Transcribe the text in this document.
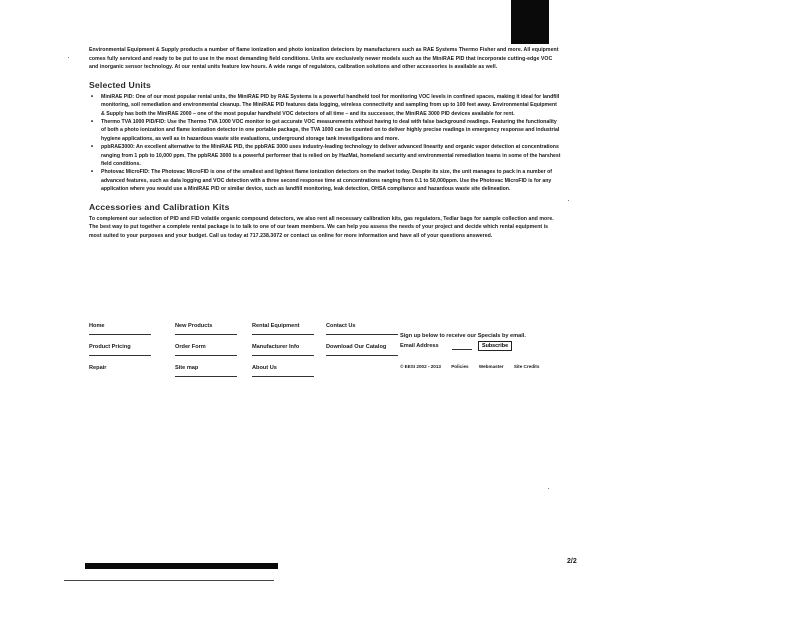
Environmental Equipment & Supply products a number of flame ionization and photo ionization detectors by manufacturers such as RAE Systems Thermo Fisher and more. All equipment comes fully serviced and ready to be put to use in the most demanding field conditions. Units are exclusively newer models such as the MiniRAE PID that incorporate cutting-edge VOC and inorganic sensor technology. At our rental units feature low hours. A wide range of regulators, calibration solutions and other accessories is available as well.

Selected Units
• MiniRAE PID: One of our most popular rental units, the MiniRAE PID by RAE Systems is a powerful handheld tool for monitoring VOC levels in confined spaces, making it ideal for landfill monitoring, soil remediation and environmental cleanup. The MiniRAE PID features data logging, wireless connectivity and sampling from up to 100 feet away. Environmental Equipment & Supply has both the MiniRAE 2000 – one of the most popular handheld VOC detectors of all time – and its successor, the MiniRAE 3000 PID devices available for rent.
• Thermo TVA 1000 PID/FID: Use the Thermo TVA 1000 VOC monitor to get accurate VOC measurements without having to deal with false background readings. Featuring the functionality of both a photo ionization and flame ionization detector in one portable package, the TVA 1000 can be counted on to deliver highly precise readings in emergency response and industrial hygiene applications, as well as in hazardous waste site evaluations, underground storage tank investigations and more.
• ppbRAE3000: An excellent alternative to the MiniRAE PID, the ppbRAE 3000 uses industry-leading technology to deliver advanced linearity and organic vapor detection at concentrations ranging from 1 ppb to 10,000 ppm. The ppbRAE 3000 is a powerful performer that is relied on by HazMat, homeland security and environmental remediation teams in some of the harshest field conditions.
• Photovac MicroFID: The Photovac MicroFID is one of the smallest and lightest flame ionization detectors on the market today. Despite its size, the unit manages to pack in a number of advanced features, such as data logging and VOC detection with a three second response time at concentrations ranging from 0.1 to 50,000ppm. Use the Photovac MicroFID is for any application where you would use a MiniRAE PID or similar device, such as landfill monitoring, leak detection, OHSA compliance and hazardous waste site delineation.
Accessories and Calibration Kits

To complement our selection of PID and FID volatile organic compound detectors, we also rent all necessary calibration kits, gas regulators, Tedlar bags for sample collection and more. The best way to put together a complete rental package is to talk to one of our team members. We can help you assess the needs of your project and decide which rental equipment is most suited to your purposes and your budget. Call us today at 717.238.3072 or contact us online for more information and have all of your questions answered.

Home
Product Pricing
Repair
New Products
Order Form
Site map
Rental Equipment
Manufacturer Info
About Us
Contact Us
Download Our Catalog

Sign up below to receive our Specials by email.

Email Address	Subscribe
© EESI 2002 - 2013 Policies Webmaster Site Credits
2/2
